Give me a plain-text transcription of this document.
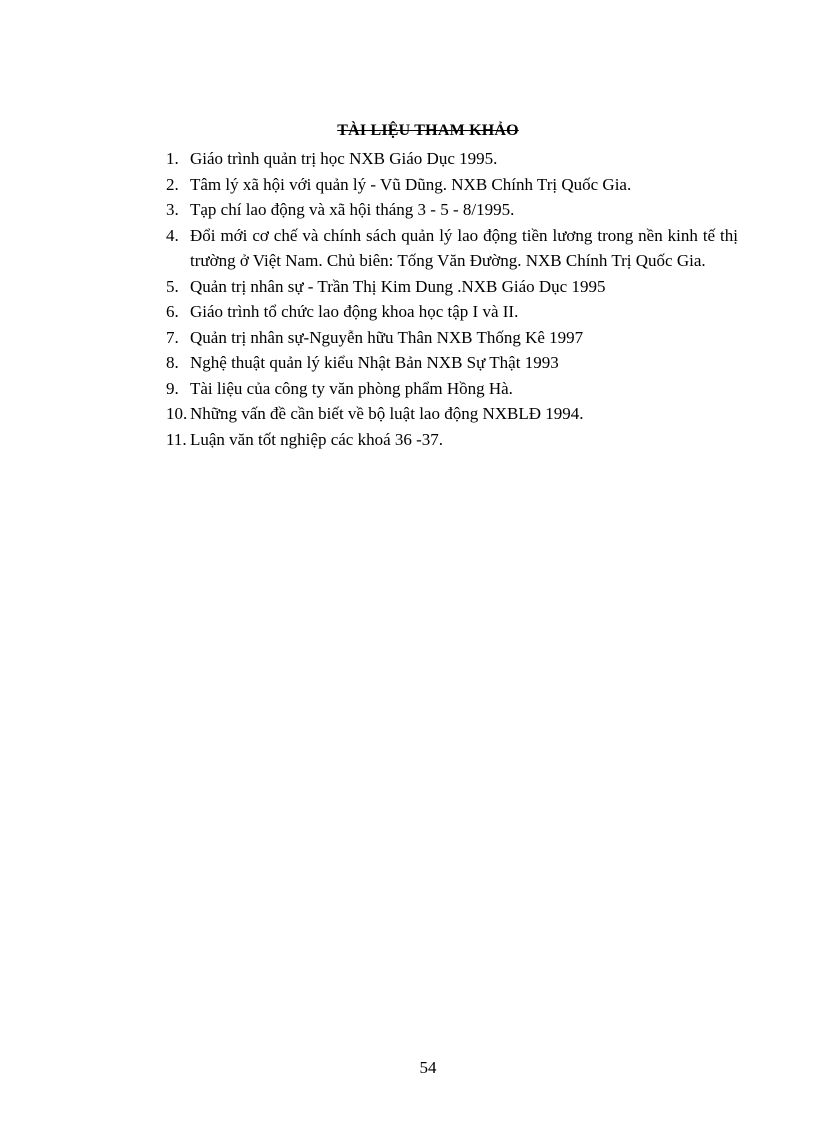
TÀI LIỆU THAM KHẢO
1. Giáo trình quản trị học NXB Giáo Dục 1995.
2. Tâm lý xã hội với quản lý - Vũ Dũng. NXB Chính Trị Quốc Gia.
3. Tạp chí lao động và xã hội tháng 3 - 5 - 8/1995.
4. Đổi mới cơ chế và chính sách quản lý lao động tiền lương trong nền kinh tế thị trường ở Việt Nam. Chủ biên: Tống Văn Đường. NXB Chính Trị Quốc Gia.
5. Quản trị nhân sự - Trần Thị Kim Dung .NXB Giáo Dục 1995
6. Giáo trình tổ chức lao động khoa học tập I và II.
7. Quản trị nhân sự-Nguyễn hữu Thân NXB Thống Kê 1997
8. Nghệ thuật quản lý kiểu Nhật Bản NXB Sự Thật 1993
9. Tài liệu của công ty văn phòng phẩm Hồng Hà.
10. Những vấn đề cần biết về bộ luật lao động NXBLĐ 1994.
11. Luận văn tốt nghiệp các khoá 36 -37.
54
